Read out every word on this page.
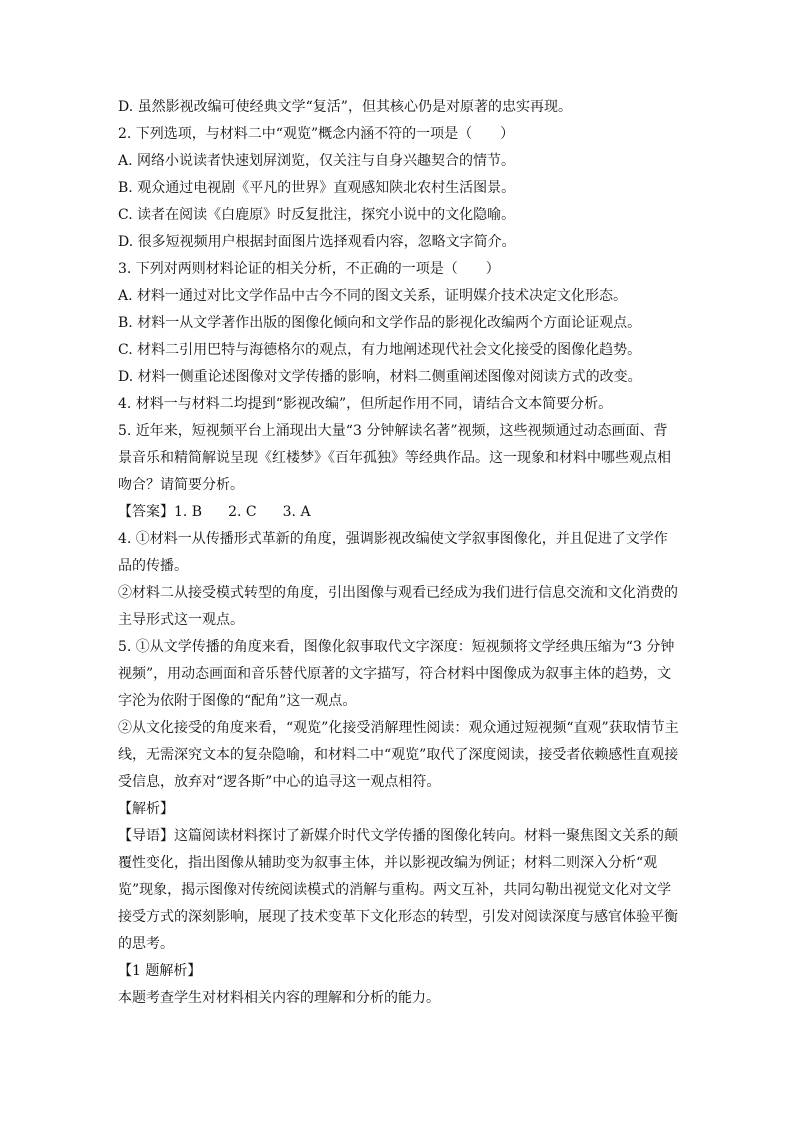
D. 虽然影视改编可使经典文学“复活”，但其核心仍是对原著的忠实再现。

2. 下列选项，与材料二中“观览”概念内涵不符的一项是（　　）

A. 网络小说读者快速划屏浏览，仅关注与自身兴趣契合的情节。

B. 观众通过电视剧《平凡的世界》直观感知陕北农村生活图景。

C. 读者在阅读《白鹿原》时反复批注，探究小说中的文化隐喻。

D. 很多短视频用户根据封面图片选择观看内容，忽略文字简介。

3. 下列对两则材料论证的相关分析，不正确的一项是（　　）

A. 材料一通过对比文学作品中古今不同的图文关系，证明媒介技术决定文化形态。

B. 材料一从文学著作出版的图像化倾向和文学作品的影视化改编两个方面论证观点。

C. 材料二引用巴特与海德格尔的观点，有力地阐述现代社会文化接受的图像化趋势。

D. 材料一侧重论述图像对文学传播的影响，材料二侧重阐述图像对阅读方式的改变。

4. 材料一与材料二均提到“影视改编”，但所起作用不同，请结合文本简要分析。

5. 近年来，短视频平台上涌现出大量“3 分钟解读名著”视频，这些视频通过动态画面、背景音乐和精简解说呈现《红楼梦》《百年孤独》等经典作品。这一现象和材料中哪些观点相吻合？请简要分析。

【答案】1. B 2. C 3. A

4. ①材料一从传播形式革新的角度，强调影视改编使文学叙事图像化，并且促进了文学作品的传播。

②材料二从接受模式转型的角度，引出图像与观看已经成为我们进行信息交流和文化消费的主导形式这一观点。

5. ①从文学传播的角度来看，图像化叙事取代文字深度：短视频将文学经典压缩为“3 分钟视频”，用动态画面和音乐替代原著的文字描写，符合材料中图像成为叙事主体的趋势，文字沦为依附于图像的“配角”这一观点。

②从文化接受的角度来看，“观览”化接受消解理性阅读：观众通过短视频“直观”获取情节主线，无需深究文本的复杂隐喻，和材料二中“观览”取代了深度阅读，接受者依赖感性直观接受信息，放弃对“逻各斯”中心的追寻这一观点相符。

【解析】

【导语】这篇阅读材料探讨了新媒介时代文学传播的图像化转向。材料一聚焦图文关系的颠覆性变化，指出图像从辅助变为叙事主体，并以影视改编为例证；材料二则深入分析“观览”现象，揭示图像对传统阅读模式的消解与重构。两文互补，共同勾勒出视觉文化对文学接受方式的深刻影响，展现了技术变革下文化形态的转型，引发对阅读深度与感官体验平衡的思考。

【1 题解析】

本题考查学生对材料相关内容的理解和分析的能力。
